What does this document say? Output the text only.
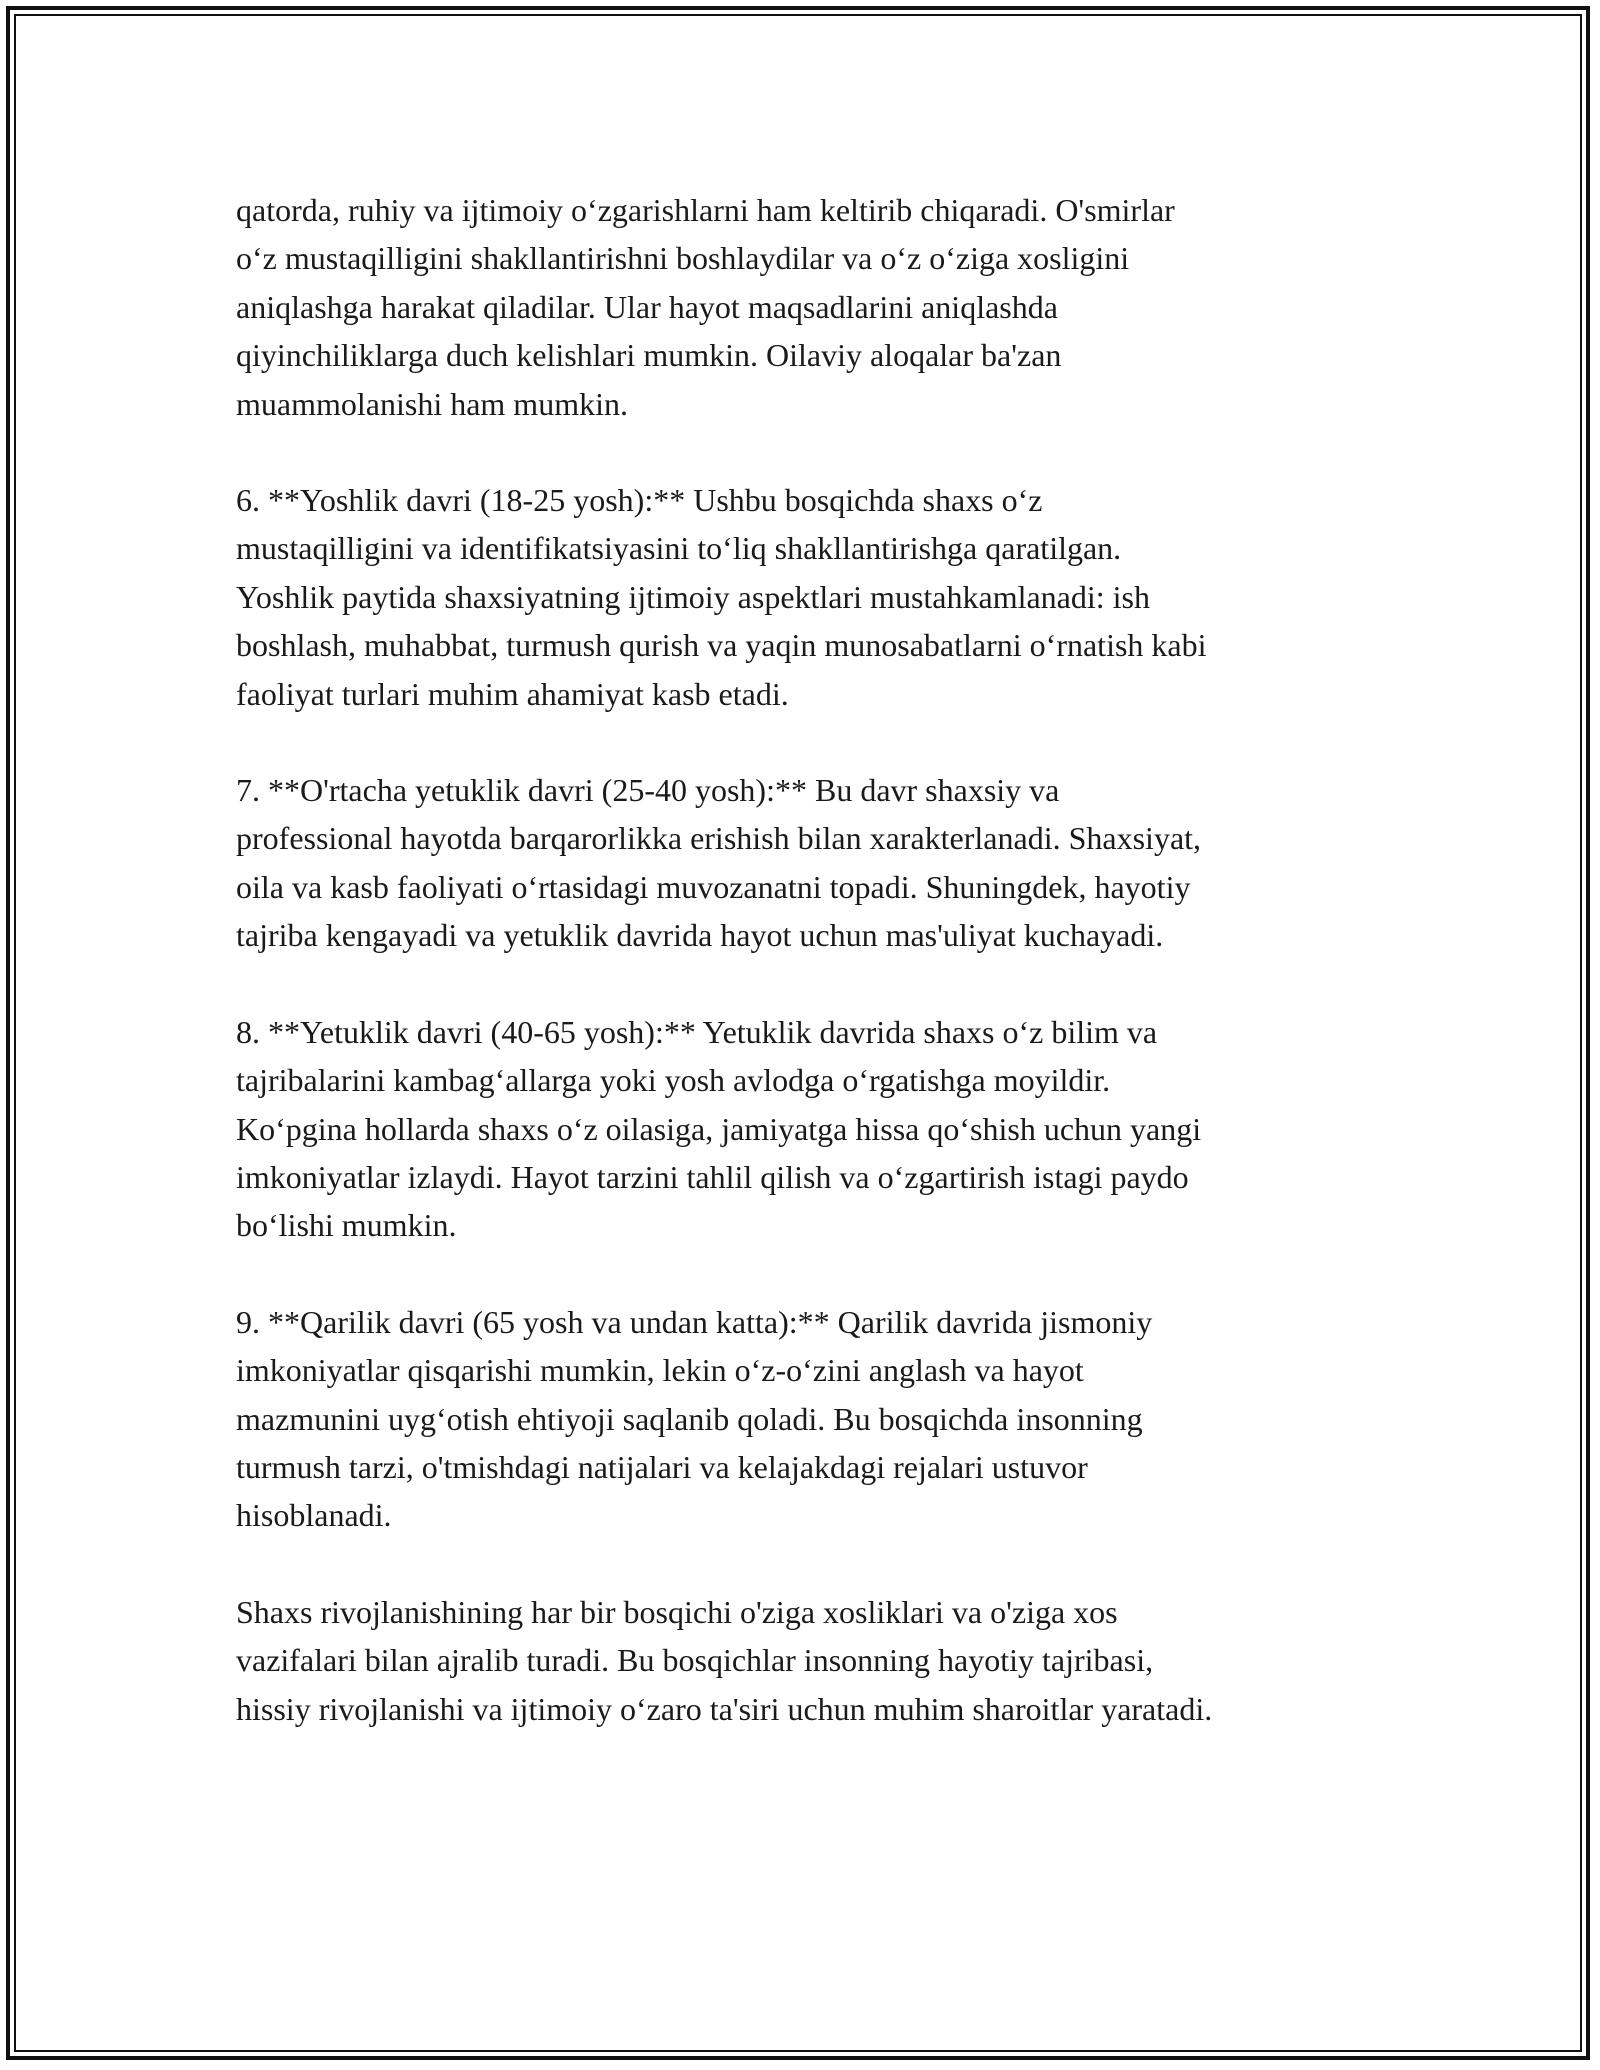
qatorda, ruhiy va ijtimoiy o‘zgarishlarni ham keltirib chiqaradi. O'smirlar
o‘z mustaqilligini shakllantirishni boshlaydilar va o‘z o‘ziga xosligini
aniqlashga harakat qiladilar. Ular hayot maqsadlarini aniqlashda
qiyinchiliklarga duch kelishlari mumkin. Oilaviy aloqalar ba'zan
muammolanishi ham mumkin.

6. **Yoshlik davri (18-25 yosh):** Ushbu bosqichda shaxs o‘z
mustaqilligini va identifikatsiyasini to‘liq shakllantirishga qaratilgan.
Yoshlik paytida shaxsiyatning ijtimoiy aspektlari mustahkamlanadi: ish
boshlash, muhabbat, turmush qurish va yaqin munosabatlarni o‘rnatish kabi
faoliyat turlari muhim ahamiyat kasb etadi.

7. **O'rtacha yetuklik davri (25-40 yosh):** Bu davr shaxsiy va
professional hayotda barqarorlikka erishish bilan xarakterlanadi. Shaxsiyat,
oila va kasb faoliyati o‘rtasidagi muvozanatni topadi. Shuningdek, hayotiy
tajriba kengayadi va yetuklik davrida hayot uchun mas'uliyat kuchayadi.

8. **Yetuklik davri (40-65 yosh):** Yetuklik davrida shaxs o‘z bilim va
tajribalarini kambag‘allarga yoki yosh avlodga o‘rgatishga moyildir.
Ko‘pgina hollarda shaxs o‘z oilasiga, jamiyatga hissa qo‘shish uchun yangi
imkoniyatlar izlaydi. Hayot tarzini tahlil qilish va o‘zgartirish istagi paydo
bo‘lishi mumkin.

9. **Qarilik davri (65 yosh va undan katta):** Qarilik davrida jismoniy
imkoniyatlar qisqarishi mumkin, lekin o‘z-o‘zini anglash va hayot
mazmunini uyg‘otish ehtiyoji saqlanib qoladi. Bu bosqichda insonning
turmush tarzi, o'tmishdagi natijalari va kelajakdagi rejalari ustuvor
hisoblanadi.

Shaxs rivojlanishining har bir bosqichi o'ziga xosliklari va o'ziga xos
vazifalari bilan ajralib turadi. Bu bosqichlar insonning hayotiy tajribasi,
hissiy rivojlanishi va ijtimoiy o‘zaro ta'siri uchun muhim sharoitlar yaratadi.
